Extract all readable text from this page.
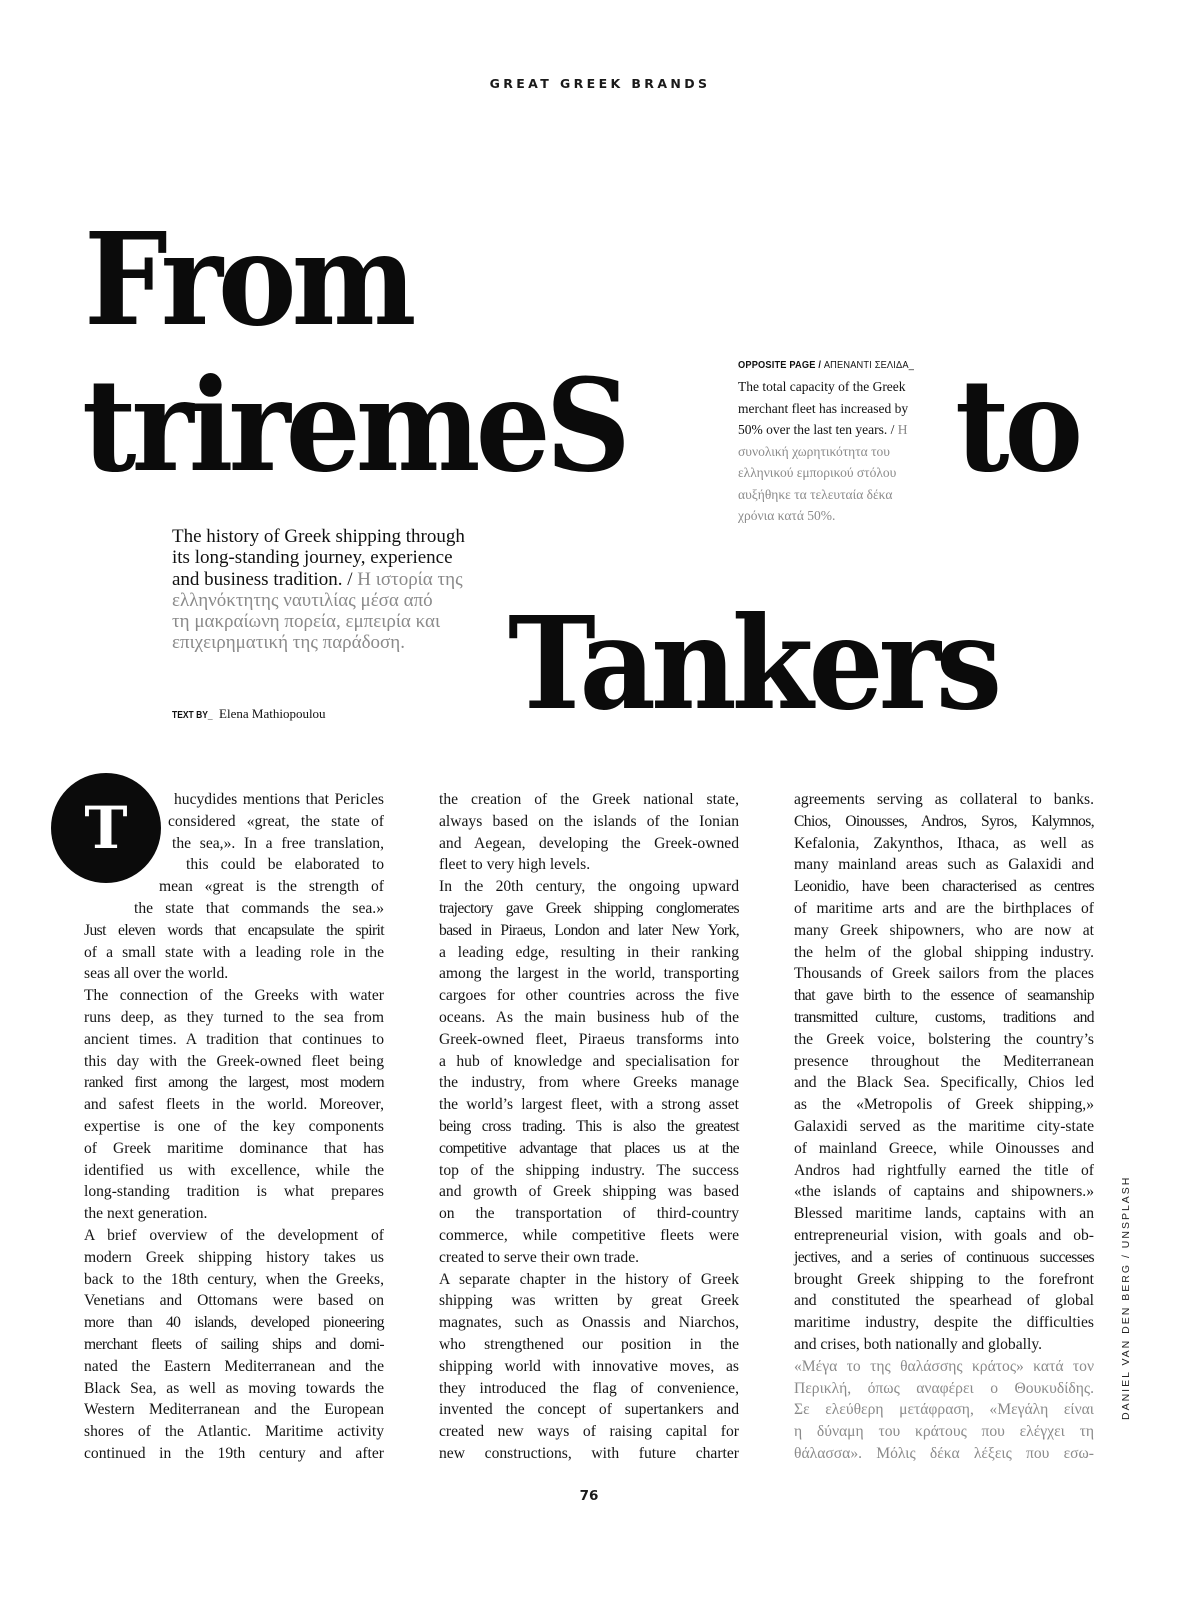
GREAT GREEK BRANDS
From
triremeS	to
Tankers
OPPOSITE PAGE / ΑΠΕΝΑΝΤΙ ΣΕΛΙΔΑ_
The total capacity of the Greek
merchant fleet has increased by
50% over the last ten years. / Η
συνολική χωρητικότητα του
ελληνικού εμπορικού στόλου
αυξήθηκε τα τελευταία δέκα
χρόνια κατά 50%.
The history of Greek shipping through
its long-standing journey, experience
and business tradition. / Η ιστορία της
ελληνόκτητης ναυτιλίας μέσα από
τη μακραίωνη πορεία, εμπειρία και
επιχειρηματική της παράδοση.
TEXT BY_ Elena Mathiopoulou
T	hucydides mentions that Pericles
considered «great, the state of
the sea,». In a free translation,
this could be elaborated to
mean «great is the strength of
the state that commands the sea.»
Just eleven words that encapsulate the spirit
of a small state with a leading role in the
seas all over the world.
The connection of the Greeks with water
runs deep, as they turned to the sea from
ancient times. A tradition that continues to
this day with the Greek-owned fleet being
ranked first among the largest, most modern
and safest fleets in the world. Moreover,
expertise is one of the key components
of Greek maritime dominance that has
identified us with excellence, while the
long-standing tradition is what prepares
the next generation.
A brief overview of the development of
modern Greek shipping history takes us
back to the 18th century, when the Greeks,
Venetians and Ottomans were based on
more than 40 islands, developed pioneering
merchant fleets of sailing ships and domi-
nated the Eastern Mediterranean and the
Black Sea, as well as moving towards the
Western Mediterranean and the European
shores of the Atlantic. Maritime activity
continued in the 19th century and after
the creation of the Greek national state,
always based on the islands of the Ionian
and Aegean, developing the Greek-owned
fleet to very high levels.
In the 20th century, the ongoing upward
trajectory gave Greek shipping conglomerates
based in Piraeus, London and later New York,
a leading edge, resulting in their ranking
among the largest in the world, transporting
cargoes for other countries across the five
oceans. As the main business hub of the
Greek-owned fleet, Piraeus transforms into
a hub of knowledge and specialisation for
the industry, from where Greeks manage
the world’s largest fleet, with a strong asset
being cross trading. This is also the greatest
competitive advantage that places us at the
top of the shipping industry. The success
and growth of Greek shipping was based
on the transportation of third-country
commerce, while competitive fleets were
created to serve their own trade.
A separate chapter in the history of Greek
shipping was written by great Greek
magnates, such as Onassis and Niarchos,
who strengthened our position in the
shipping world with innovative moves, as
they introduced the flag of convenience,
invented the concept of supertankers and
created new ways of raising capital for
new constructions, with future charter
agreements serving as collateral to banks.
Chios, Oinousses, Andros, Syros, Kalymnos,
Kefalonia, Zakynthos, Ithaca, as well as
many mainland areas such as Galaxidi and
Leonidio, have been characterised as centres
of maritime arts and are the birthplaces of
many Greek shipowners, who are now at
the helm of the global shipping industry.
Thousands of Greek sailors from the places
that gave birth to the essence of seamanship
transmitted culture, customs, traditions and
the Greek voice, bolstering the country’s
presence throughout the Mediterranean
and the Black Sea. Specifically, Chios led
as the «Metropolis of Greek shipping,»
Galaxidi served as the maritime city-state
of mainland Greece, while Oinousses and
Andros had rightfully earned the title of
«the islands of captains and shipowners.»
Blessed maritime lands, captains with an
entrepreneurial vision, with goals and ob-
jectives, and a series of continuous successes
brought Greek shipping to the forefront
and constituted the spearhead of global
maritime industry, despite the difficulties
and crises, both nationally and globally.
«Μέγα το της θαλάσσης κράτος» κατά τον
Περικλή, όπως αναφέρει ο Θουκυδίδης.
Σε ελεύθερη μετάφραση, «Μεγάλη είναι
η δύναμη του κράτους που ελέγχει τη
θάλασσα». Μόλις δέκα λέξεις που εσω-
DANIEL VAN DEN BERG / UNSPLASH
76
